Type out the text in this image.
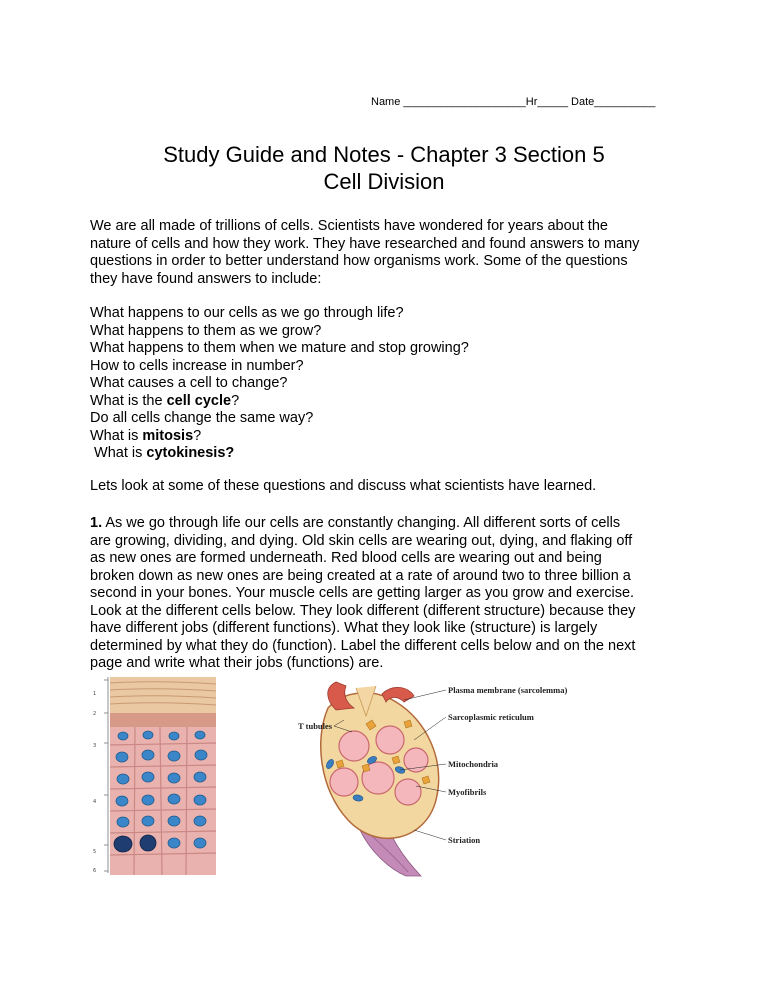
Name ____________________Hr_____ Date__________
Study Guide and Notes - Chapter 3 Section 5
Cell Division
We are all made of trillions of cells. Scientists have wondered for years about the
nature of cells and how they work. They have researched and found answers to many
questions in order to better understand how organisms work. Some of the questions
they have found answers to include:
What happens to our cells as we go through life?
What happens to them as we grow?
What happens to them when we mature and stop growing?
How to cells increase in number?
What causes a cell to change?
What is the cell cycle?
Do all cells change the same way?
What is mitosis?
What is cytokinesis?
Lets look at some of these questions and discuss what scientists have learned.
1. As we go through life our cells are constantly changing. All different sorts of cells
are growing, dividing, and dying. Old skin cells are wearing out, dying, and flaking off
as new ones are formed underneath. Red blood cells are wearing out and being
broken down as new ones are being created at a rate of around two to three billion a
second in your bones. Your muscle cells are getting larger as you grow and exercise.
Look at the different cells below. They look different (different structure) because they
have different jobs (different functions). What they look like (structure) is largely
determined by what they do (function). Label the different cells below and on the next
page and write what their jobs (functions) are.
1
2
3
4
5
6
Plasma membrane (sarcolemma)
T tubules
Sarcoplasmic reticulum
Mitochondria
Myofibrils
Striation
